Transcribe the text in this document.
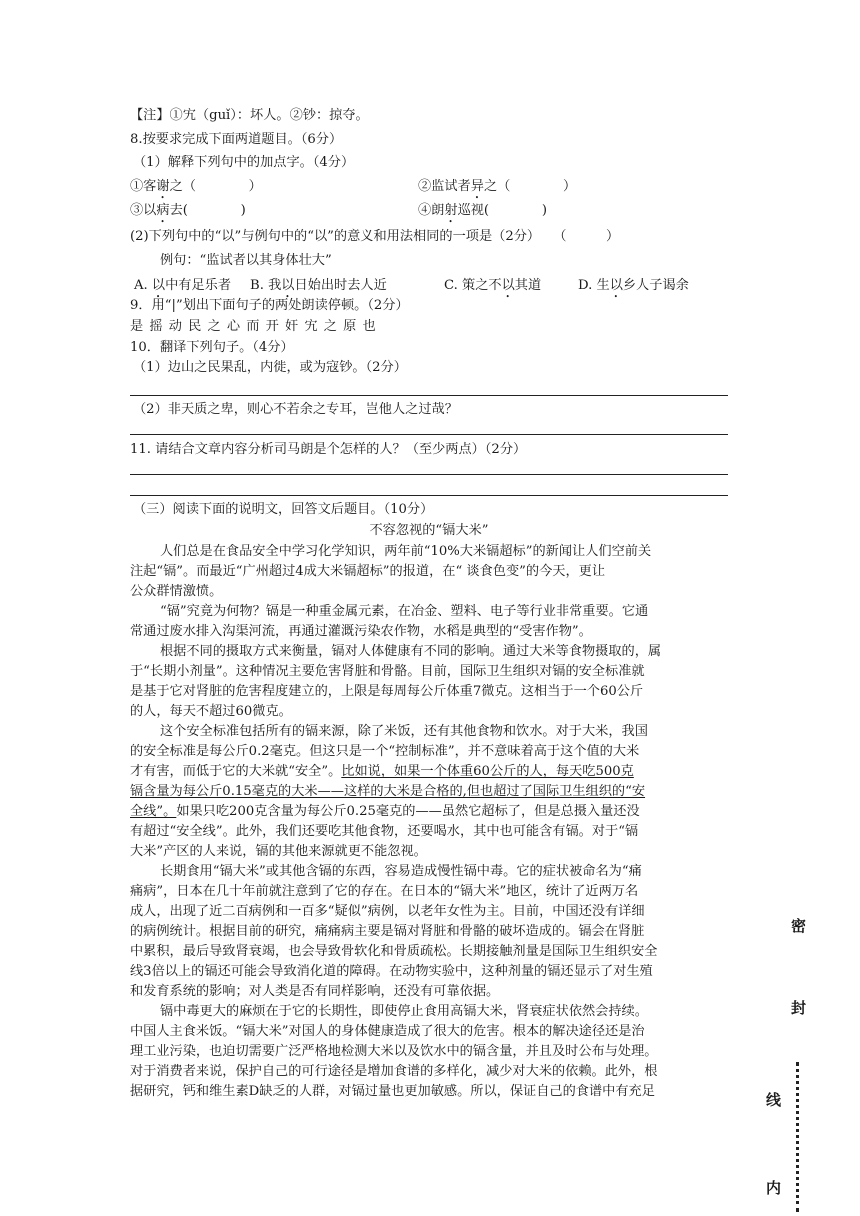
【注】①宄（guǐ）：坏人。②钞：掠夺。
8.按要求完成下面两道题目。（6分）
（1）解释下列句中的加点字。（4分）
①客谢之（　　　　）	②监试者异之（　　　　）
③以病去(　　　　)	④朗射巡视(　　　　)
(2)下列句中的“以”与例句中的“以”的意义和用法相同的一项是（2分）　　（　　　）
例句：“监试者以其身体壮大”
A. 以中有足乐者 B. 我以日始出时去人近	C. 策之不以其道	D. 生以乡人子谒余
9．用“|”划出下面句子的两处朗读停顿。（2分）
是 摇 动 民 之 心 而 开 奸 宄 之 原 也
10．翻译下列句子。（4分）
（1）边山之民果乱，内徙，或为寇钞。（2分）
（2）非天质之卑，则心不若余之专耳，岂他人之过哉？
11. 请结合文章内容分析司马朗是个怎样的人？（至少两点）（2分）
（三）阅读下面的说明文，回答文后题目。（10分）
不容忽视的“镉大米”
人们总是在食品安全中学习化学知识，两年前“10%大米镉超标”的新闻让人们空前关
注起“镉”。而最近“广州超过4成大米镉超标”的报道，在“ 谈食色变”的今天，更让
公众群情激愤。
“镉”究竟为何物？镉是一种重金属元素，在冶金、塑料、电子等行业非常重要。它通
常通过废水排入沟渠河流，再通过灌溉污染农作物，水稻是典型的“受害作物”。
根据不同的摄取方式来衡量，镉对人体健康有不同的影响。通过大米等食物摄取的，属
于“长期小剂量”。这种情况主要危害肾脏和骨骼。目前，国际卫生组织对镉的安全标准就
是基于它对肾脏的危害程度建立的，上限是每周每公斤体重7微克。这相当于一个60公斤
的人，每天不超过60微克。
这个安全标准包括所有的镉来源，除了米饭，还有其他食物和饮水。对于大米，我国
的安全标准是每公斤0.2毫克。但这只是一个“控制标准”，并不意味着高于这个值的大米
才有害，而低于它的大米就“安全”。比如说，如果一个体重60公斤的人，每天吃500克
镉含量为每公斤0.15毫克的大米——这样的大米是合格的,但也超过了国际卫生组织的“安
全线”。如果只吃200克含量为每公斤0.25毫克的——虽然它超标了，但是总摄入量还没
有超过“安全线”。此外，我们还要吃其他食物，还要喝水，其中也可能含有镉。对于“镉
大米”产区的人来说，镉的其他来源就更不能忽视。
长期食用“镉大米”或其他含镉的东西，容易造成慢性镉中毒。它的症状被命名为“痛
痛病”，日本在几十年前就注意到了它的存在。在日本的“镉大米”地区，统计了近两万名
成人，出现了近二百病例和一百多“疑似”病例，以老年女性为主。目前，中国还没有详细
的病例统计。根据目前的研究，痛痛病主要是镉对肾脏和骨骼的破坏造成的。镉会在肾脏
中累积，最后导致肾衰竭，也会导致骨软化和骨质疏松。长期接触剂量是国际卫生组织安全
线3倍以上的镉还可能会导致消化道的障碍。在动物实验中，这种剂量的镉还显示了对生殖
和发育系统的影响；对人类是否有同样影响，还没有可靠依据。
镉中毒更大的麻烦在于它的长期性，即使停止食用高镉大米，肾衰症状依然会持续。
中国人主食米饭。“镉大米”对国人的身体健康造成了很大的危害。根本的解决途径还是治
理工业污染，也迫切需要广泛严格地检测大米以及饮水中的镉含量，并且及时公布与处理。
对于消费者来说，保护自己的可行途径是增加食谱的多样化，减少对大米的依赖。此外，根
据研究，钙和维生素D缺乏的人群，对镉过量也更加敏感。所以，保证自己的食谱中有充足
密
封
线
内
